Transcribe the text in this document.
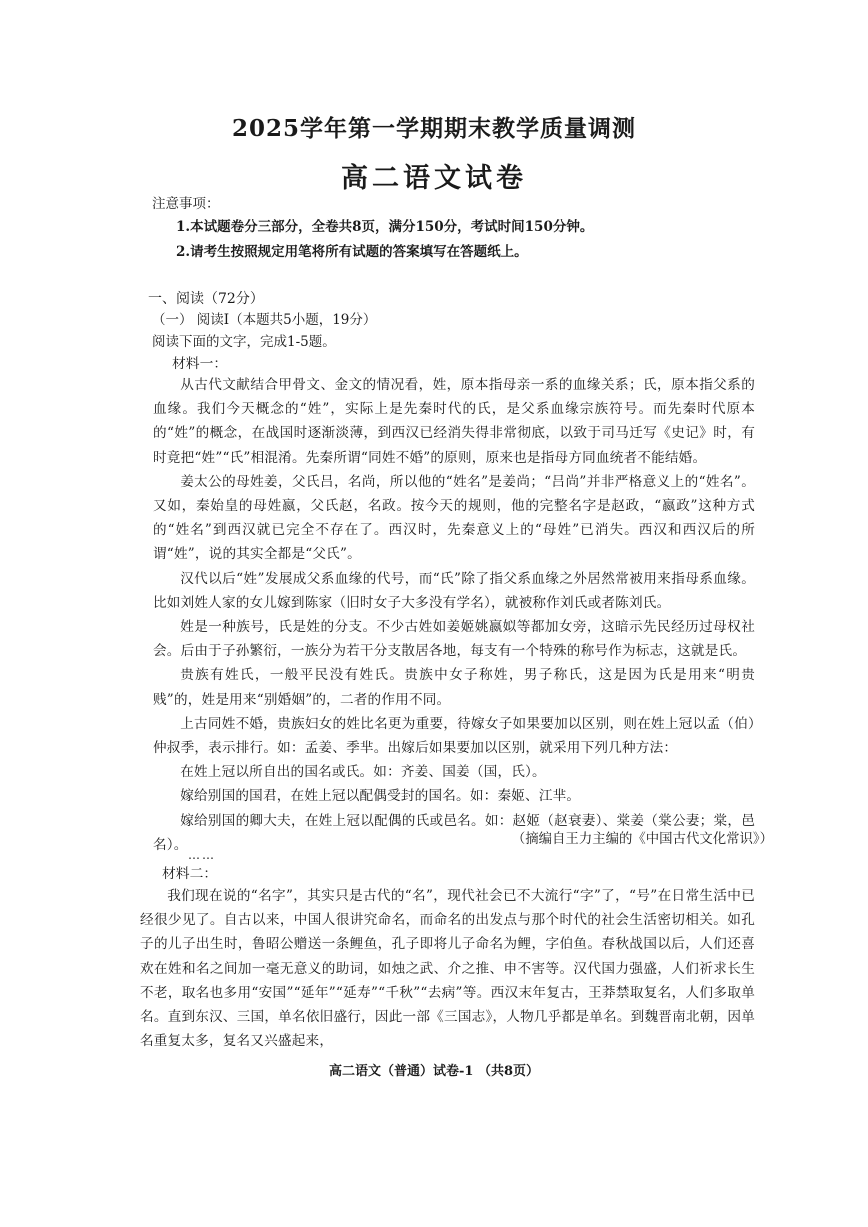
2025学年第一学期期末教学质量调测
高二语文试卷
注意事项：
1.本试题卷分三部分，全卷共8页，满分150分，考试时间150分钟。
2.请考生按照规定用笔将所有试题的答案填写在答题纸上。
一、阅读（72分）
（一） 阅读Ⅰ（本题共5小题，19分）
阅读下面的文字，完成1-5题。
材料一：

从古代文献结合甲骨文、金文的情况看，姓，原本指母亲一系的血缘关系；氏，原本指父系的血缘。我们今天概念的“姓”，实际上是先秦时代的氏，是父系血缘宗族符号。而先秦时代原本的“姓”的概念，在战国时逐渐淡薄，到西汉已经消失得非常彻底，以致于司马迁写《史记》时，有时竟把“姓”“氏”相混淆。先秦所谓“同姓不婚”的原则，原来也是指母方同血统者不能结婚。

姜太公的母姓姜，父氏吕，名尚，所以他的“姓名”是姜尚；“吕尚”并非严格意义上的“姓名”。又如，秦始皇的母姓嬴，父氏赵，名政。按今天的规则，他的完整名字是赵政，“嬴政”这种方式的“姓名”到西汉就已完全不存在了。西汉时，先秦意义上的“母姓”已消失。西汉和西汉后的所谓“姓”，说的其实全都是“父氏”。

汉代以后“姓”发展成父系血缘的代号，而“氏”除了指父系血缘之外居然常被用来指母系血缘。比如刘姓人家的女儿嫁到陈家（旧时女子大多没有学名），就被称作刘氏或者陈刘氏。

姓是一种族号，氏是姓的分支。不少古姓如姜姬姚嬴姒等都加女旁，这暗示先民经历过母权社会。后由于子孙繁衍，一族分为若干分支散居各地，每支有一个特殊的称号作为标志，这就是氏。

贵族有姓氏，一般平民没有姓氏。贵族中女子称姓，男子称氏，这是因为氏是用来“明贵贱”的，姓是用来“别婚姻”的，二者的作用不同。

上古同姓不婚，贵族妇女的姓比名更为重要，待嫁女子如果要加以区别，则在姓上冠以孟（伯）仲叔季，表示排行。如：孟姜、季芈。出嫁后如果要加以区别，就采用下列几种方法：

在姓上冠以所自出的国名或氏。如：齐姜、国姜（国，氏）。

嫁给别国的国君，在姓上冠以配偶受封的国名。如：秦姬、江芈。

嫁给别国的卿大夫，在姓上冠以配偶的氏或邑名。如：赵姬（赵衰妻）、棠姜（棠公妻；棠，邑名）。	（摘编自王力主编的《中国古代文化常识》）
……
材料二：

我们现在说的“名字”，其实只是古代的“名”，现代社会已不大流行“字”了，“号”在日常生活中已经很少见了。自古以来，中国人很讲究命名，而命名的出发点与那个时代的社会生活密切相关。如孔子的儿子出生时，鲁昭公赠送一条鲤鱼，孔子即将儿子命名为鲤，字伯鱼。春秋战国以后，人们还喜欢在姓和名之间加一毫无意义的助词，如烛之武、介之推、申不害等。汉代国力强盛，人们祈求长生不老，取名也多用“安国”“延年”“延寿”“千秋”“去病”等。西汉末年复古，王莽禁取复名，人们多取单名。直到东汉、三国，单名依旧盛行，因此一部《三国志》，人物几乎都是单名。到魏晋南北朝，因单名重复太多，复名又兴盛起来，

高二语文（普通）试卷-1 （共8页）
